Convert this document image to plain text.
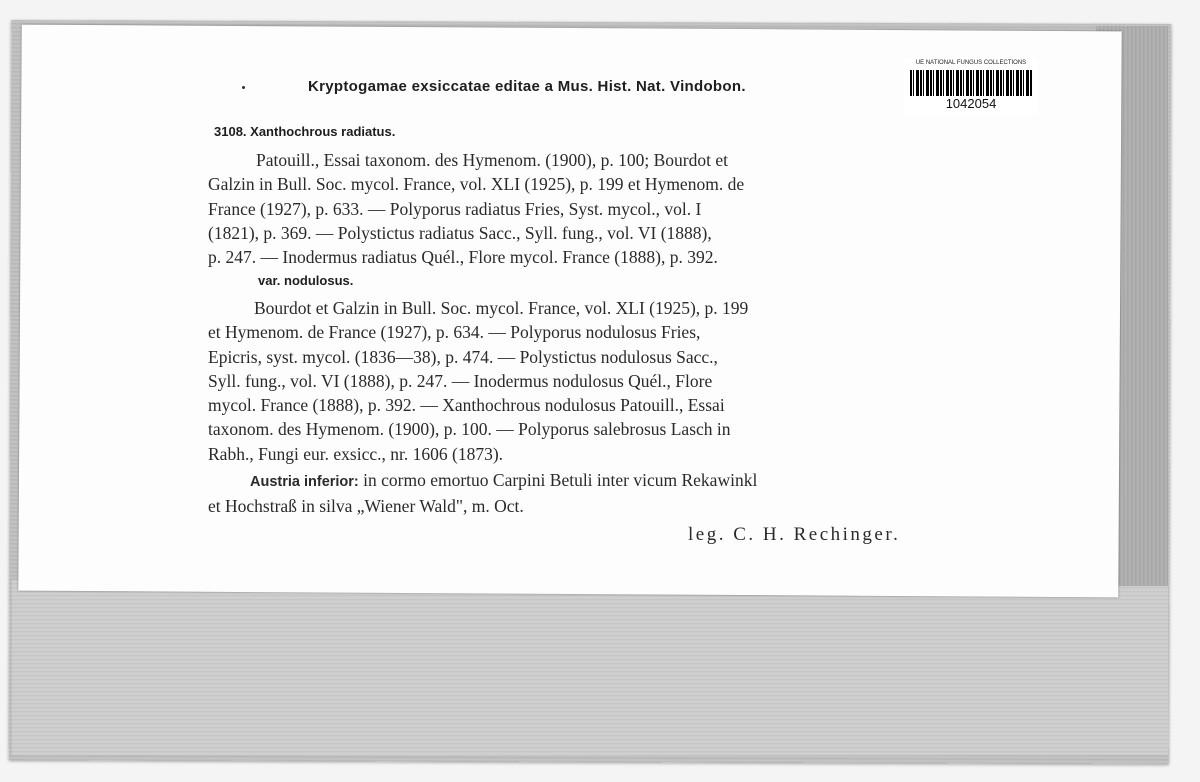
Kryptogamae exsiccatae editae a Mus. Hist. Nat. Vindobon.
UE NATIONAL FUNGUS COLLECTIONS
1042054
3108. Xanthochrous radiatus.
Patouill., Essai taxonom. des Hymenom. (1900), p. 100; Bourdot et
Galzin in Bull. Soc. mycol. France, vol. XLI (1925), p. 199 et Hymenom. de
France (1927), p. 633. — Polyporus radiatus Fries, Syst. mycol., vol. I
(1821), p. 369. — Polystictus radiatus Sacc., Syll. fung., vol. VI (1888),
p. 247. — Inodermus radiatus Quél., Flore mycol. France (1888), p. 392.
var. nodulosus.
Bourdot et Galzin in Bull. Soc. mycol. France, vol. XLI (1925), p. 199
et Hymenom. de France (1927), p. 634. — Polyporus nodulosus Fries,
Epicris, syst. mycol. (1836—38), p. 474. — Polystictus nodulosus Sacc.,
Syll. fung., vol. VI (1888), p. 247. — Inodermus nodulosus Quél., Flore
mycol. France (1888), p. 392. — Xanthochrous nodulosus Patouill., Essai
taxonom. des Hymenom. (1900), p. 100. — Polyporus salebrosus Lasch in
Rabh., Fungi eur. exsicc., nr. 1606 (1873).
Austria inferior: in cormo emortuo Carpini Betuli inter vicum Rekawinkl
et Hochstraß in silva „Wiener Wald", m. Oct.
leg. C. H. Rechinger.
